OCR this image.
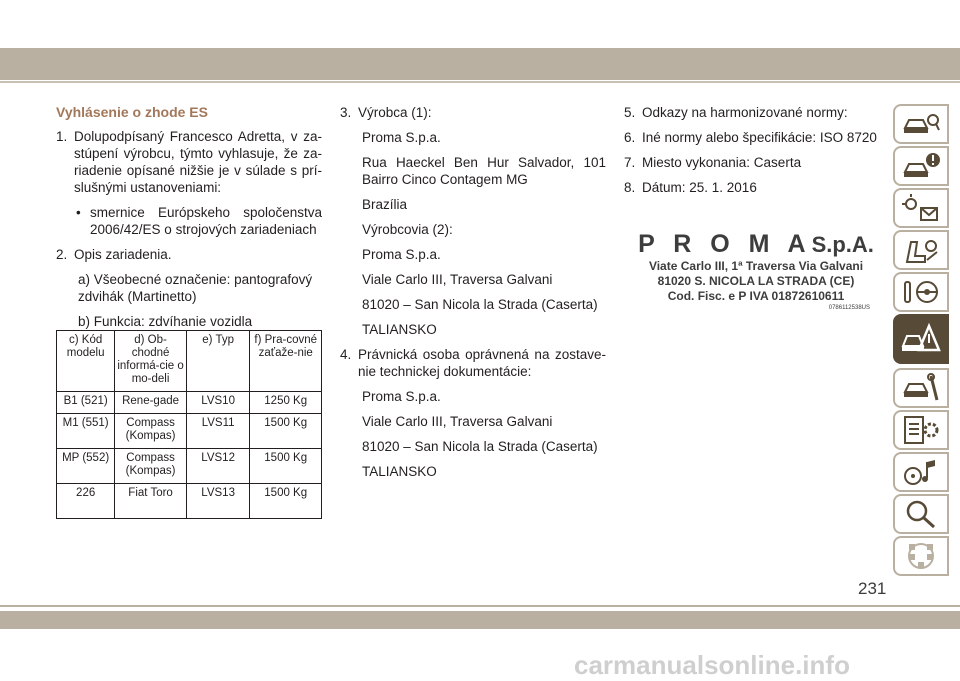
Vyhlásenie o zhode ES
1. Dolupodpísaný Francesco Adretta, v za-stúpení výrobcu, týmto vyhlasuje, že za-riadenie opísané nižšie je v súlade s prí-slušnými ustanoveniami:
• smernice Európskeho spoločenstva 2006/42/ES o strojových zariadeniach
2. Opis zariadenia.
a) Všeobecné označenie: pantografový zdvihák (Martinetto)
b) Funkcia: zdvíhanie vozidla
c) Kód modelu	d) Ob-chodné informá-cie o mo-deli	e) Typ	f) Pra-covné zaťaže-nie
B1 (521)	Rene-gade	LVS10	1250 Kg
M1 (551)	Compass (Kompas)	LVS11	1500 Kg
MP (552)	Compass (Kompas)	LVS12	1500 Kg
226	Fiat Toro	LVS13	1500 Kg
3. Výrobca (1):
Proma S.p.a.
Rua Haeckel Ben Hur Salvador, 101 Bairro Cinco Contagem MG
Brazília
Výrobcovia (2):
Proma S.p.a.
Viale Carlo III, Traversa Galvani
81020 – San Nicola la Strada (Caserta)
TALIANSKO
4. Právnická osoba oprávnená na zostave-nie technickej dokumentácie:
Proma S.p.a.
Viale Carlo III, Traversa Galvani
81020 – San Nicola la Strada (Caserta)
TALIANSKO
5. Odkazy na harmonizované normy:
6. Iné normy alebo špecifikácie: ISO 8720
7. Miesto vykonania: Caserta
8. Dátum: 25. 1. 2016
P R O M AS.p.A.
Viate Carlo III, 1ª Traversa Via Galvani
81020 S. NICOLA LA STRADA (CE)
Cod. Fisc. e P IVA 01872610611
0786112538US
231
carmanualsonline.info
